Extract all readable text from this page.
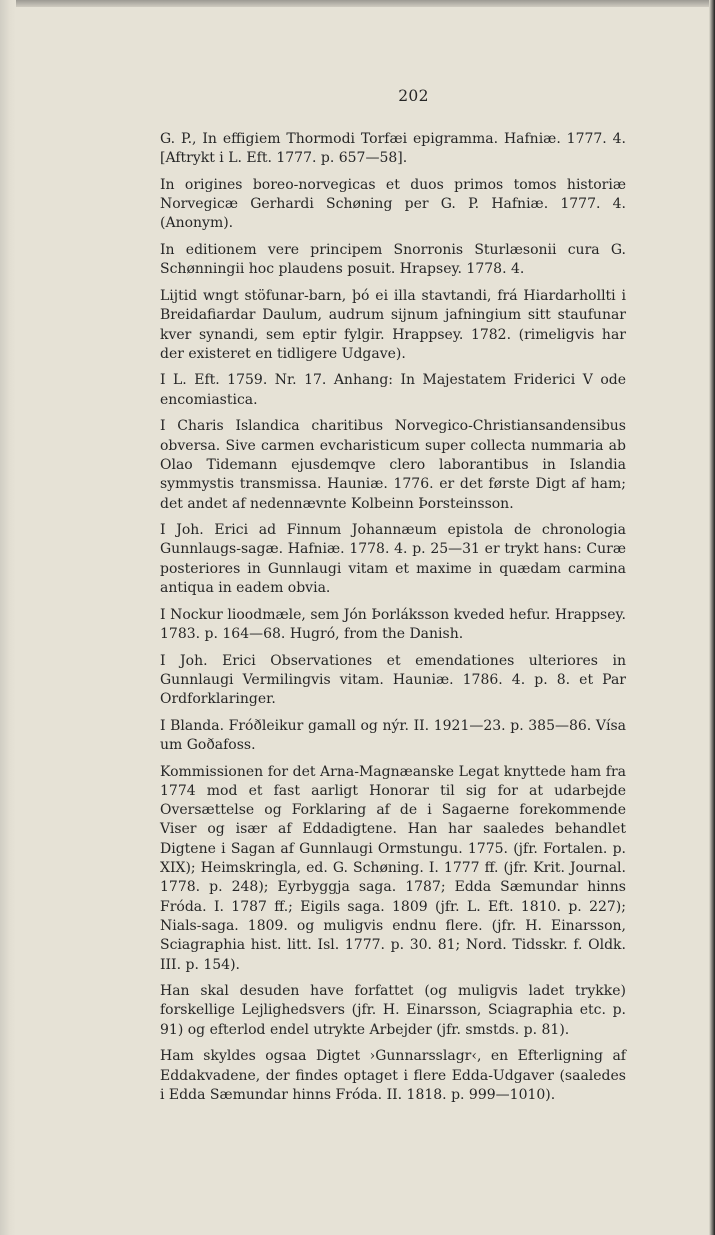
202

G. P., In effigiem Thormodi Torfæi epigramma. Hafniæ. 1777. 4. [Aftrykt i L. Eft. 1777. p. 657—58].

In origines boreo-norvegicas et duos primos tomos historiæ Norvegicæ Gerhardi Schøning per G. P. Hafniæ. 1777. 4. (Anonym).

In editionem vere principem Snorronis Sturlæsonii cura G. Schønningii hoc plaudens posuit. Hrapsey. 1778. 4.

Lijtid wngt stöfunar-barn, þó ei illa stavtandi, frá Hiardarhollti i Breidafiardar Daulum, audrum sijnum jafningium sitt staufunar kver synandi, sem eptir fylgir. Hrappsey. 1782. (rimeligvis har der existeret en tidligere Udgave).

I L. Eft. 1759. Nr. 17. Anhang: In Majestatem Friderici V ode encomiastica.

I Charis Islandica charitibus Norvegico-Christiansandensibus obversa. Sive carmen evcharisticum super collecta nummaria ab Olao Tidemann ejusdemqve clero laborantibus in Islandia symmystis transmissa. Hauniæ. 1776. er det første Digt af ham; det andet af nedennævnte Kolbeinn Þorsteinsson.

I Joh. Erici ad Finnum Johannæum epistola de chronologia Gunnlaugs-sagæ. Hafniæ. 1778. 4. p. 25—31 er trykt hans: Curæ posteriores in Gunnlaugi vitam et maxime in quædam carmina antiqua in eadem obvia.

I Nockur lioodmæle, sem Jón Þorláksson kveded hefur. Hrappsey. 1783. p. 164—68. Hugró, from the Danish.

I Joh. Erici Observationes et emendationes ulteriores in Gunnlaugi Vermilingvis vitam. Hauniæ. 1786. 4. p. 8. et Par Ordforklaringer.

I Blanda. Fróðleikur gamall og nýr. II. 1921—23. p. 385—86. Vísa um Goðafoss.

Kommissionen for det Arna-Magnæanske Legat knyttede ham fra 1774 mod et fast aarligt Honorar til sig for at udarbejde Oversættelse og Forklaring af de i Sagaerne forekommende Viser og især af Eddadigtene. Han har saaledes behandlet Digtene i Sagan af Gunnlaugi Ormstungu. 1775. (jfr. Fortalen. p. XIX); Heimskringla, ed. G. Schøning. I. 1777 ff. (jfr. Krit. Journal. 1778. p. 248); Eyrbyggja saga. 1787; Edda Sæmundar hinns Fróda. I. 1787 ff.; Eigils saga. 1809 (jfr. L. Eft. 1810. p. 227); Nials-saga. 1809. og muligvis endnu flere. (jfr. H. Einarsson, Sciagraphia hist. litt. Isl. 1777. p. 30. 81; Nord. Tidsskr. f. Oldk. III. p. 154).

Han skal desuden have forfattet (og muligvis ladet trykke) forskellige Lejlighedsvers (jfr. H. Einarsson, Sciagraphia etc. p. 91) og efterlod endel utrykte Arbejder (jfr. smstds. p. 81).

Ham skyldes ogsaa Digtet ›Gunnarsslagr‹, en Efterligning af Eddakvadene, der findes optaget i flere Edda-Udgaver (saaledes i Edda Sæmundar hinns Fróda. II. 1818. p. 999—1010).
